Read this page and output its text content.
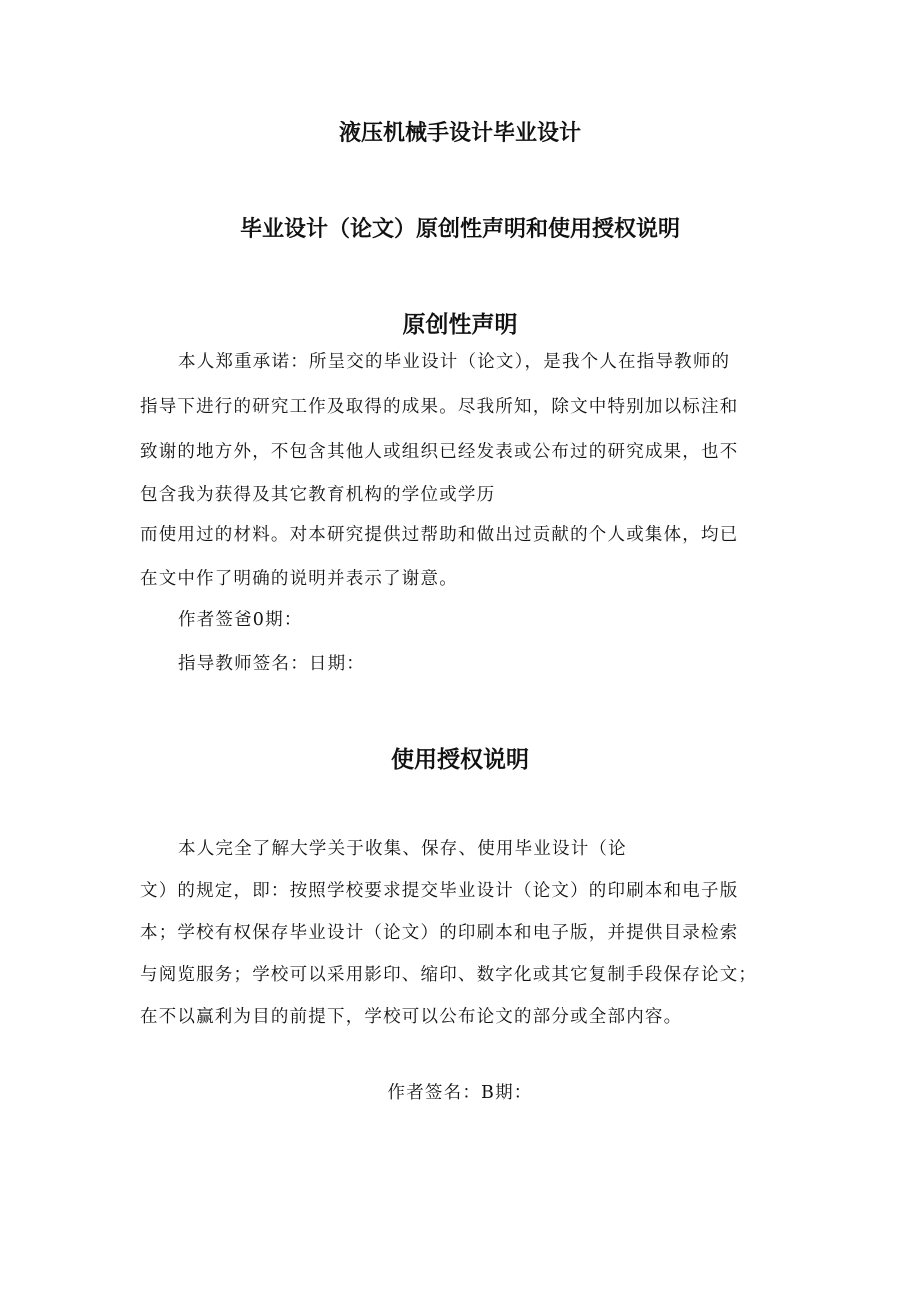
液压机械手设计毕业设计
毕业设计（论文）原创性声明和使用授权说明
原创性声明
本人郑重承诺：所呈交的毕业设计（论文），是我个人在指导教师的
指导下进行的研究工作及取得的成果。尽我所知，除文中特别加以标注和
致谢的地方外，不包含其他人或组织已经发表或公布过的研究成果，也不
包含我为获得及其它教育机构的学位或学历
而使用过的材料。对本研究提供过帮助和做出过贡献的个人或集体，均已
在文中作了明确的说明并表示了谢意。
作者签爸0期：
指导教师签名：日期：
使用授权说明
本人完全了解大学关于收集、保存、使用毕业设计（论
文）的规定，即：按照学校要求提交毕业设计（论文）的印刷本和电子版
本；学校有权保存毕业设计（论文）的印刷本和电子版，并提供目录检索
与阅览服务；学校可以采用影印、缩印、数字化或其它复制手段保存论文；
在不以赢利为目的前提下，学校可以公布论文的部分或全部内容。
作者签名：B期：
